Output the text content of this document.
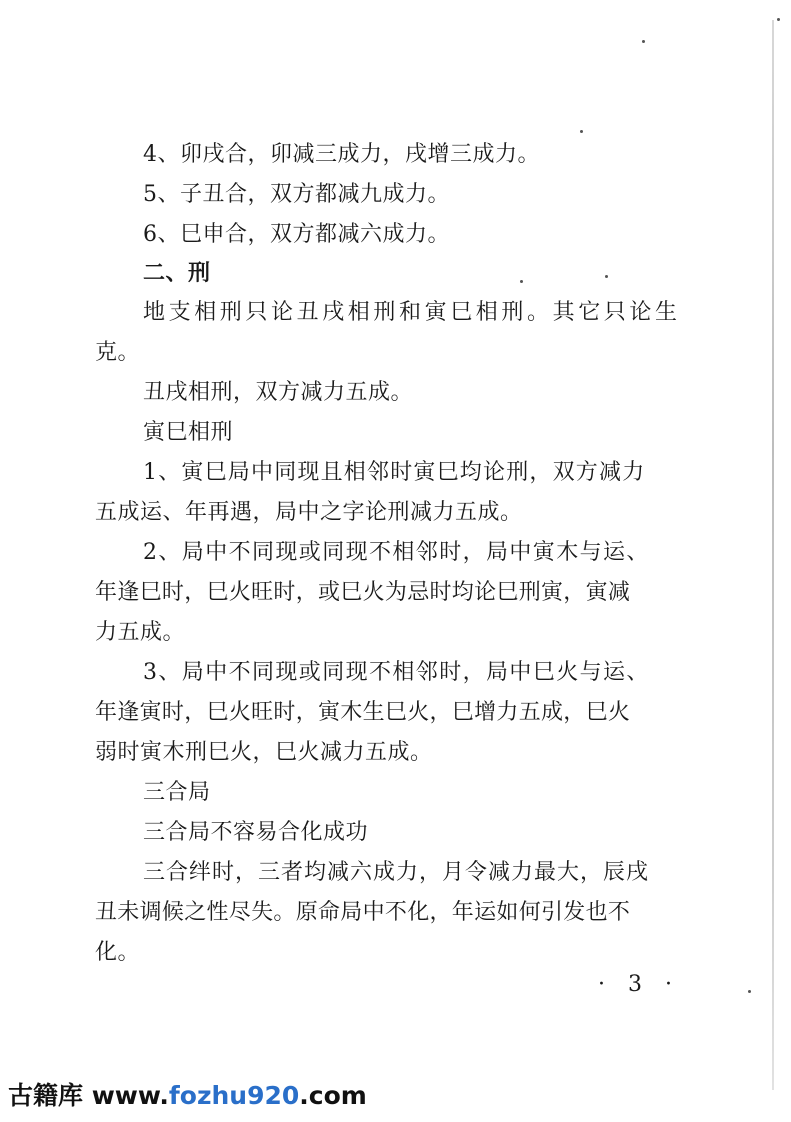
4、卯戌合，卯减三成力，戌增三成力。
5、子丑合，双方都减九成力。
6、巳申合，双方都减六成力。
二、刑
地支相刑只论丑戌相刑和寅巳相刑。其它只论生
克。
丑戌相刑，双方减力五成。
寅巳相刑
1、寅巳局中同现且相邻时寅巳均论刑，双方减力
五成运、年再遇，局中之字论刑减力五成。
2、局中不同现或同现不相邻时，局中寅木与运、
年逢巳时，巳火旺时，或巳火为忌时均论巳刑寅，寅减
力五成。
3、局中不同现或同现不相邻时，局中巳火与运、
年逢寅时，巳火旺时，寅木生巳火，巳增力五成，巳火
弱时寅木刑巳火，巳火减力五成。
三合局
三合局不容易合化成功
三合绊时，三者均减六成力，月令减力最大，辰戌
丑未调候之性尽失。原命局中不化，年运如何引发也不
化。
· 3 ·
古籍库 www.fozhu920.com
